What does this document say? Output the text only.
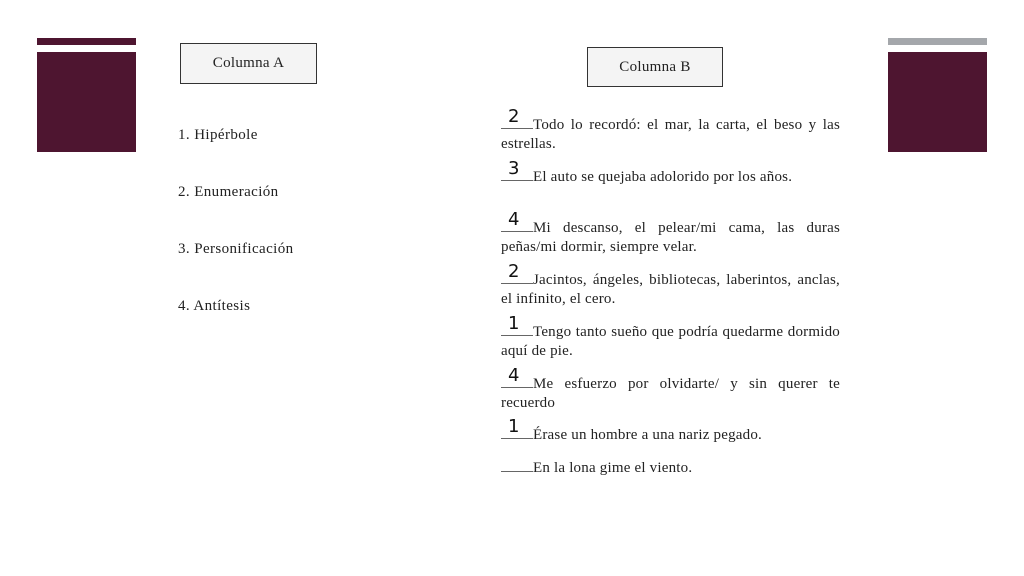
Columna A
1. Hipérbole
2. Enumeración
3. Personificación
4. Antítesis
Columna B
2 Todo lo recordó: el mar, la carta, el beso y las estrellas.
3 El auto se quejaba adolorido por los años.
4 Mi descanso, el pelear/mi cama, las duras peñas/mi dormir, siempre velar.
2 Jacintos, ángeles, bibliotecas, laberintos, anclas, el infinito, el cero.
1 Tengo tanto sueño que podría quedarme dormido aquí de pie.
4 Me esfuerzo por olvidarte/ y sin querer te recuerdo
1 Érase un hombre a una nariz pegado.
En la lona gime el viento.
